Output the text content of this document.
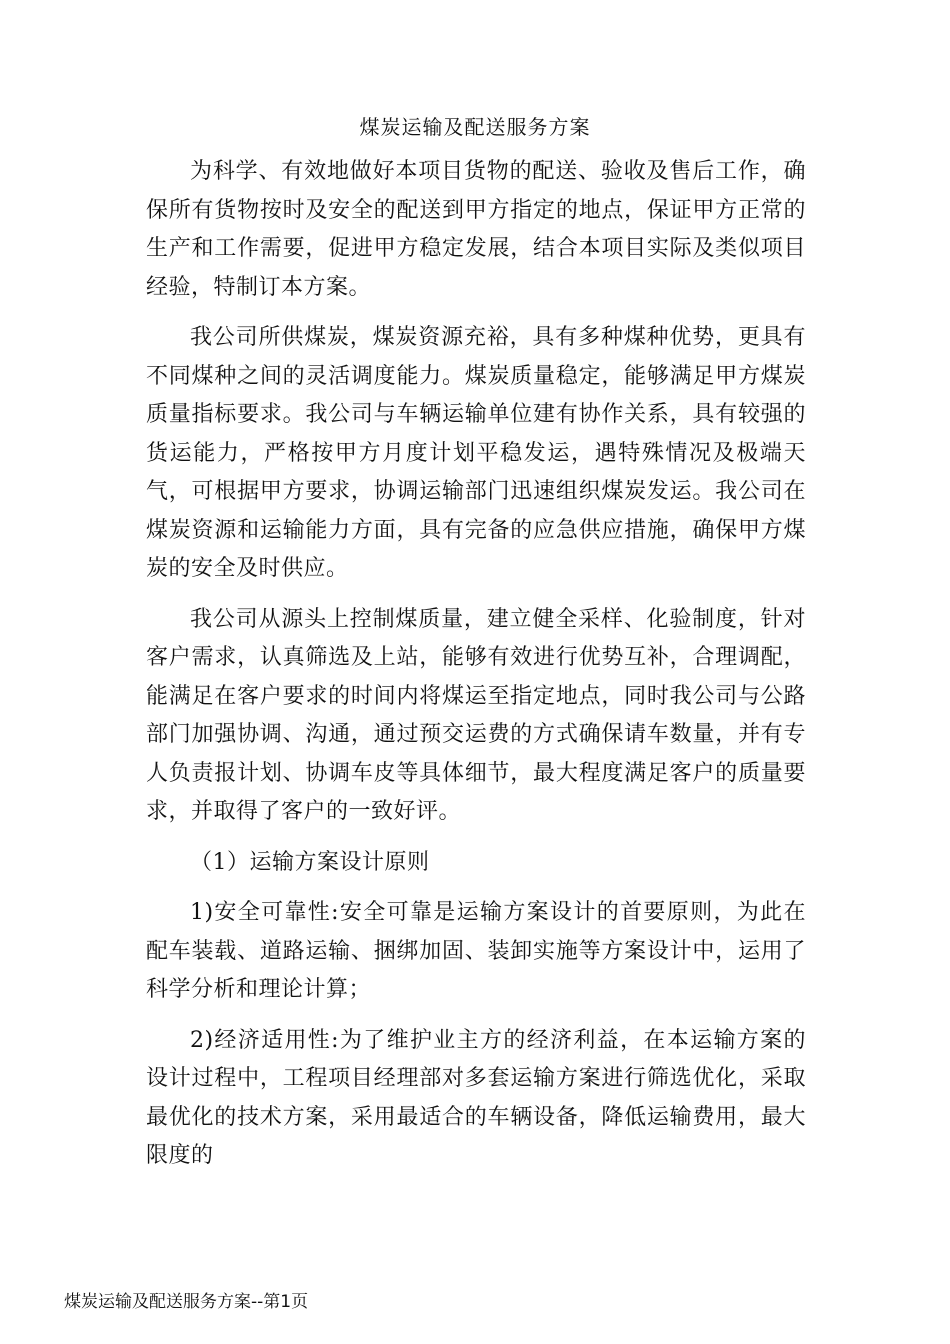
煤炭运输及配送服务方案

为科学、有效地做好本项目货物的配送、验收及售后工作，确保所有货物按时及安全的配送到甲方指定的地点，保证甲方正常的生产和工作需要，促进甲方稳定发展，结合本项目实际及类似项目经验，特制订本方案。

我公司所供煤炭，煤炭资源充裕，具有多种煤种优势，更具有不同煤种之间的灵活调度能力。煤炭质量稳定，能够满足甲方煤炭质量指标要求。我公司与车辆运输单位建有协作关系，具有较强的货运能力，严格按甲方月度计划平稳发运，遇特殊情况及极端天气，可根据甲方要求，协调运输部门迅速组织煤炭发运。我公司在煤炭资源和运输能力方面，具有完备的应急供应措施，确保甲方煤炭的安全及时供应。

我公司从源头上控制煤质量，建立健全采样、化验制度，针对客户需求，认真筛选及上站，能够有效进行优势互补，合理调配，能满足在客户要求的时间内将煤运至指定地点，同时我公司与公路部门加强协调、沟通，通过预交运费的方式确保请车数量，并有专人负责报计划、协调车皮等具体细节，最大程度满足客户的质量要求，并取得了客户的一致好评。

（1）运输方案设计原则

1)安全可靠性:安全可靠是运输方案设计的首要原则，为此在配车装载、道路运输、捆绑加固、装卸实施等方案设计中，运用了科学分析和理论计算；

2)经济适用性:为了维护业主方的经济利益，在本运输方案的设计过程中，工程项目经理部对多套运输方案进行筛选优化，采取最优化的技术方案，采用最适合的车辆设备，降低运输费用，最大限度的

煤炭运输及配送服务方案--第1页
